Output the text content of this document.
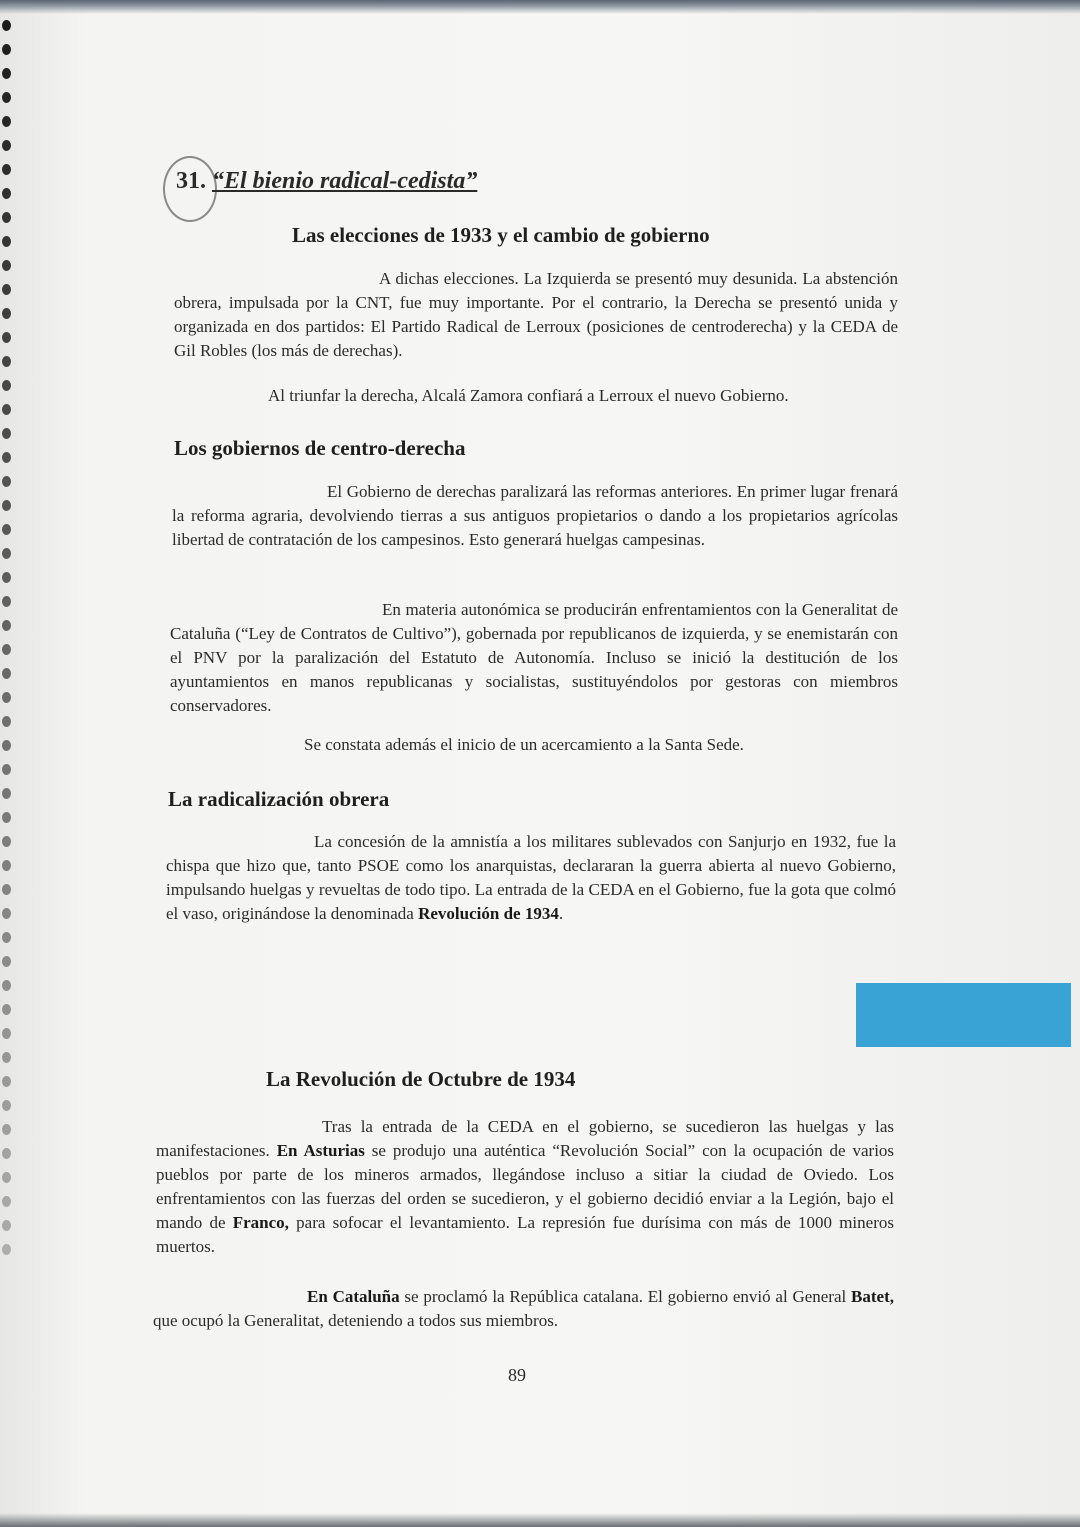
31. “El bienio radical-cedista”
Las elecciones de 1933 y el cambio de gobierno

A dichas elecciones. La Izquierda se presentó muy desunida. La abstención obrera, impulsada por la CNT, fue muy importante. Por el contrario, la Derecha se presentó unida y organizada en dos partidos: El Partido Radical de Lerroux (posiciones de centroderecha) y la CEDA de Gil Robles (los más de derechas).

Al triunfar la derecha, Alcalá Zamora confiará a Lerroux el nuevo Gobierno.

Los gobiernos de centro-derecha

El Gobierno de derechas paralizará las reformas anteriores. En primer lugar frenará la reforma agraria, devolviendo tierras a sus antiguos propietarios o dando a los propietarios agrícolas libertad de contratación de los campesinos. Esto generará huelgas campesinas.

En materia autonómica se producirán enfrentamientos con la Generalitat de Cataluña (“Ley de Contratos de Cultivo”), gobernada por republicanos de izquierda, y se enemistarán con el PNV por la paralización del Estatuto de Autonomía. Incluso se inició la destitución de los ayuntamientos en manos republicanas y socialistas, sustituyéndolos por gestoras con miembros conservadores.

Se constata además el inicio de un acercamiento a la Santa Sede.

La radicalización obrera

La concesión de la amnistía a los militares sublevados con Sanjurjo en 1932, fue la chispa que hizo que, tanto PSOE como los anarquistas, declararan la guerra abierta al nuevo Gobierno, impulsando huelgas y revueltas de todo tipo. La entrada de la CEDA en el Gobierno, fue la gota que colmó el vaso, originándose la denominada Revolución de 1934.

La Revolución de Octubre de 1934

Tras la entrada de la CEDA en el gobierno, se sucedieron las huelgas y las manifestaciones. En Asturias se produjo una auténtica “Revolución Social” con la ocupación de varios pueblos por parte de los mineros armados, llegándose incluso a sitiar la ciudad de Oviedo. Los enfrentamientos con las fuerzas del orden se sucedieron, y el gobierno decidió enviar a la Legión, bajo el mando de Franco, para sofocar el levantamiento. La represión fue durísima con más de 1000 mineros muertos.

En Cataluña se proclamó la República catalana. El gobierno envió al General Batet, que ocupó la Generalitat, deteniendo a todos sus miembros.

89
